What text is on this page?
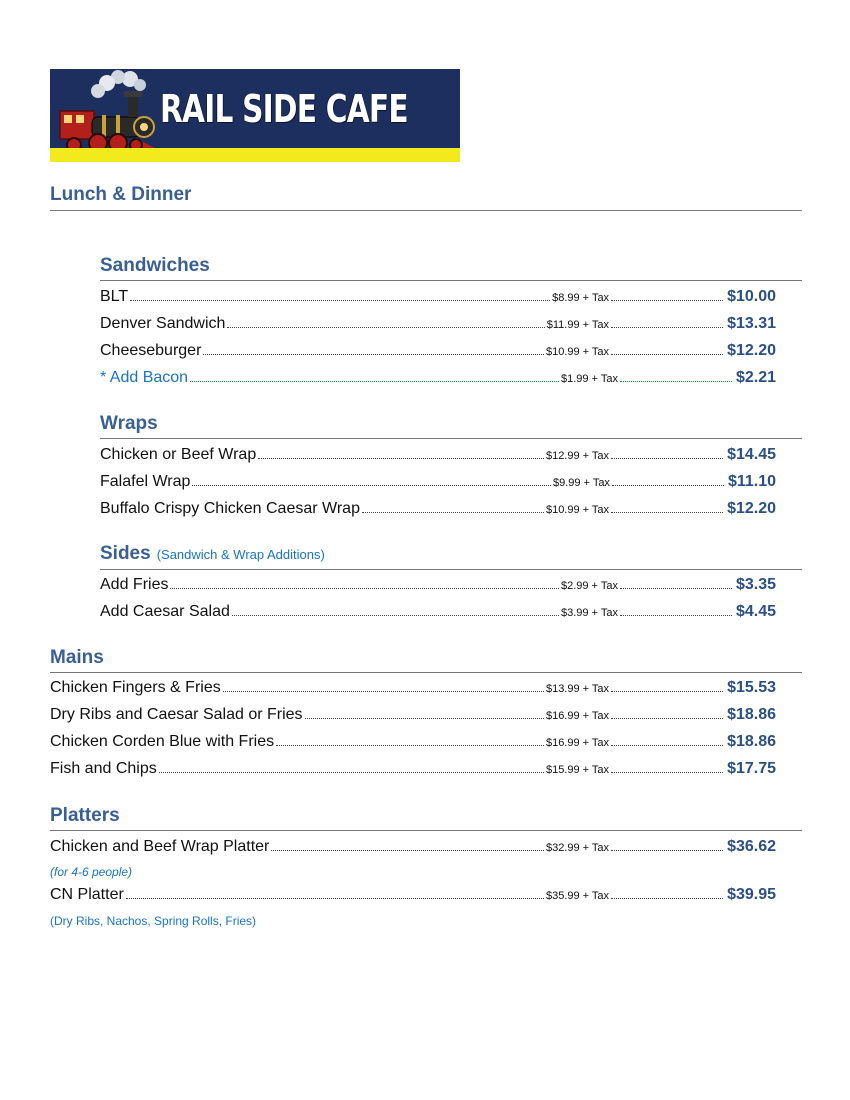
RAIL SIDE CAFE
Lunch & Dinner
Sandwiches
BLT	$8.99 + Tax	$10.00
Denver Sandwich	$11.99 + Tax	$13.31
Cheeseburger	$10.99 + Tax	$12.20
* Add Bacon	$1.99 + Tax	$2.21
Wraps
Chicken or Beef Wrap	$12.99 + Tax	$14.45
Falafel Wrap	$9.99 + Tax	$11.10
Buffalo Crispy Chicken Caesar Wrap	$10.99 + Tax	$12.20
Sides (Sandwich & Wrap Additions)
Add Fries	$2.99 + Tax	$3.35
Add Caesar Salad	$3.99 + Tax	$4.45
Mains
Chicken Fingers & Fries	$13.99 + Tax	$15.53
Dry Ribs and Caesar Salad or Fries	$16.99 + Tax	$18.86
Chicken Corden Blue with Fries	$16.99 + Tax	$18.86
Fish and Chips	$15.99 + Tax	$17.75
Platters
Chicken and Beef Wrap Platter	$32.99 + Tax	$36.62
(for 4-6 people)
CN Platter	$35.99 + Tax	$39.95
(Dry Ribs, Nachos, Spring Rolls, Fries)
